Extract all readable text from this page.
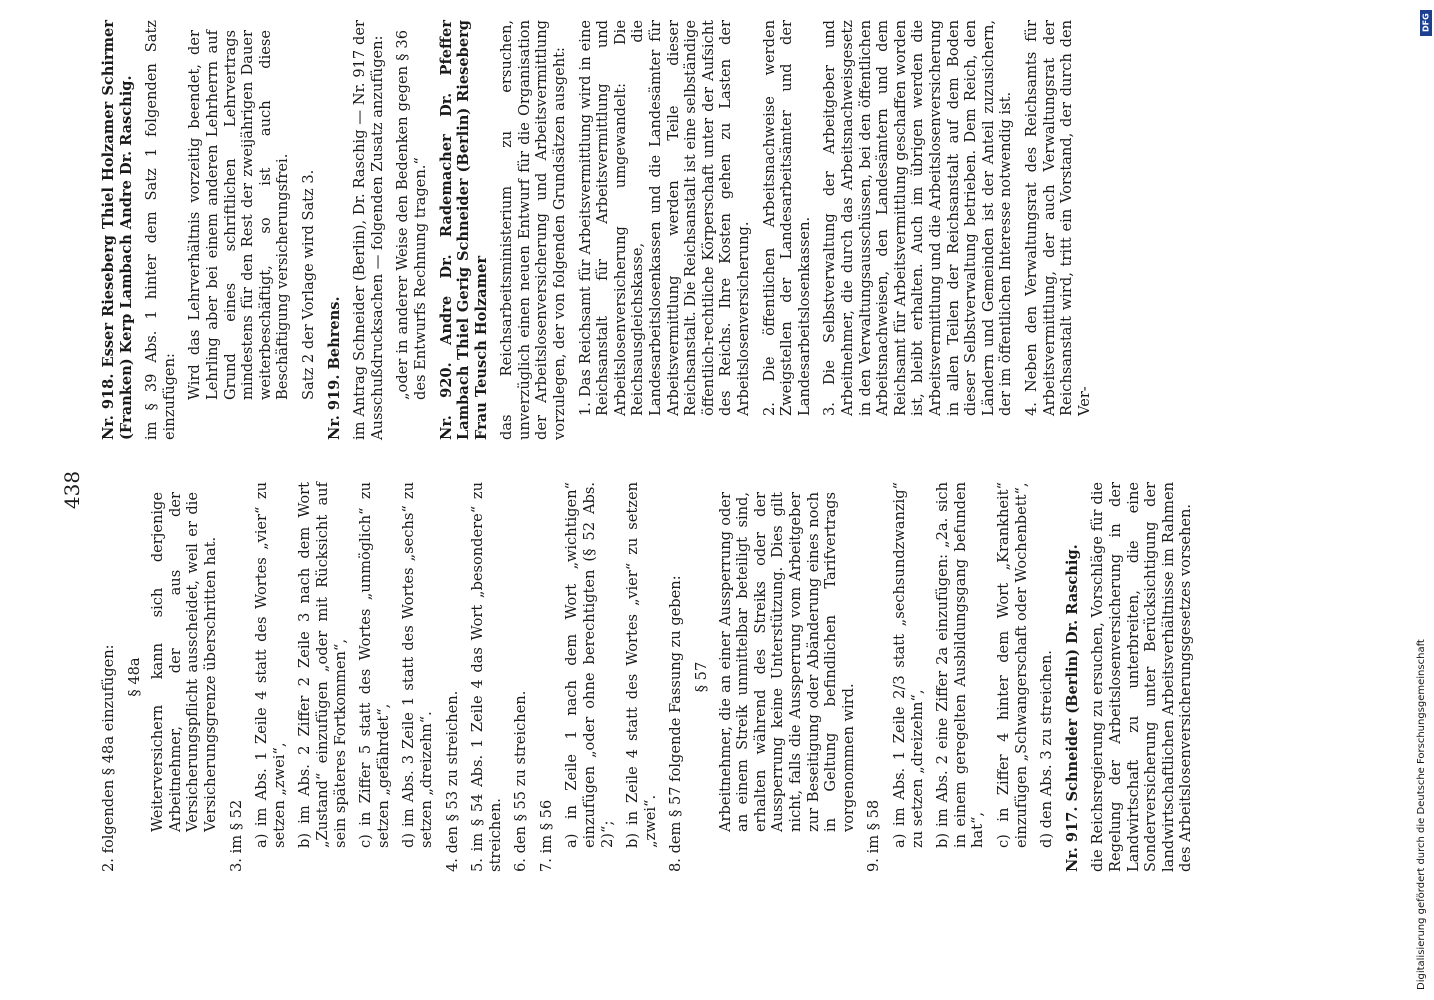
438
2. folgenden § 48a einzufügen: § 48a Weiterversichern kann sich derjenige Arbeitnehmer, der aus der Versicherungspflicht ausscheidet, weil er die Versicherungsgrenze überschritten hat.
3. im § 52 a) im Abs. 1 Zeile 4 statt des Wortes „vier“ zu setzen „zwei“, b) im Abs. 2 Ziffer 2 Zeile 3 nach dem Wort „Zustand“ einzufügen „oder mit Rücksicht auf sein späteres Fortkommen“, c) in Ziffer 5 statt des Wortes „unmöglich“ zu setzen „gefährdet“, d) im Abs. 3 Zeile 1 statt des Wortes „sechs“ zu setzen „dreizehn“. 4. den § 53 zu streichen. 5. im § 54 Abs. 1 Zeile 4 das Wort „besondere“ zu streichen. 6. den § 55 zu streichen. 7. im § 56 a) in Zeile 1 nach dem Wort „wichtigen“ einzufügen „oder ohne berechtigten (§ 52 Abs. 2)“; b) in Zeile 4 statt des Wortes „vier“ zu setzen „zwei“. 8. dem § 57 folgende Fassung zu geben: § 57 Arbeitnehmer, die an einer Aussperrung oder an einem Streik unmittelbar beteiligt sind, erhalten während des Streiks oder der Aussperrung keine Unterstützung. Dies gilt nicht, falls die Aussperrung vom Arbeitgeber zur Beseitigung oder Abänderung eines noch in Geltung befindlichen Tarifvertrags vorgenommen wird.
9. im § 58 a) im Abs. 1 Zeile 2/3 statt „sechsundzwanzig“ zu setzen „dreizehn“, b) im Abs. 2 eine Ziffer 2a einzufügen: „2a. sich in einem geregelten Ausbildungsgang befunden hat“, c) in Ziffer 4 hinter dem Wort „Krankheit“ einzufügen „Schwangerschaft oder Wochenbett“, d) den Abs. 3 zu streichen. Nr. 917. Schneider (Berlin) Dr. Raschig. die Reichsregierung zu ersuchen, Vorschläge für die Regelung der Arbeitslosenversicherung in der Landwirtschaft zu unterbreiten, die eine Sonderversicherung unter Berücksichtigung der landwirtschaftlichen Arbeitsverhältnisse im Rahmen des Arbeitslosenversicherungsgesetzes vorsehen.
Nr. 918. Esser Rieseberg Thiel Holzamer Schirmer (Franken) Kerp Lambach Andre Dr. Raschig. im § 39 Abs. 1 hinter dem Satz 1 folgenden Satz einzufügen: Wird das Lehrverhältnis vorzeitig beendet, der Lehrling aber bei einem anderen Lehrherrn auf Grund eines schriftlichen Lehrvertrags mindestens für den Rest der zweijährigen Dauer weiterbeschäftigt, so ist auch diese Beschäftigung versicherungsfrei. Satz 2 der Vorlage wird Satz 3. Nr. 919. Behrens. im Antrag Schneider (Berlin), Dr. Raschig — Nr. 917 der Ausschußdrucksachen — folgenden Zusatz anzufügen: „oder in anderer Weise den Bedenken gegen § 36 des Entwurfs Rechnung tragen.“ Nr. 920. Andre Dr. Rademacher Dr. Pfeffer Lambach Thiel Gerig Schneider (Berlin) Rieseberg Frau Teusch Holzamer das Reichsarbeitsministerium zu ersuchen, unverzüglich einen neuen Entwurf für die Organisation der Arbeitslosenversicherung und Arbeitsvermittlung vorzulegen, der von folgenden Grundsätzen ausgeht: 1. Das Reichsamt für Arbeitsvermittlung wird in eine Reichsanstalt für Arbeitsvermittlung und Arbeitslosenversicherung umgewandelt: Die Reichsausgleichskasse, die Landesarbeitslosenkassen und die Landesämter für Arbeitsvermittlung werden Teile dieser Reichsanstalt. Die Reichsanstalt ist eine selbständige öffentlich-rechtliche Körperschaft unter der Aufsicht des Reichs. Ihre Kosten gehen zu Lasten der Arbeitslosenversicherung. 2. Die öffentlichen Arbeitsnachweise werden Zweigstellen der Landesarbeitsämter und der Landesarbeitslosenkassen. 3. Die Selbstverwaltung der Arbeitgeber und Arbeitnehmer, die durch das Arbeitsnachweisgesetz in den Verwaltungsausschüssen, bei den öffentlichen Arbeitsnachweisen, den Landesämtern und dem Reichsamt für Arbeitsvermittlung geschaffen worden ist, bleibt erhalten. Auch im übrigen werden die Arbeitsvermittlung und die Arbeitslosenversicherung in allen Teilen der Reichsanstalt auf dem Boden dieser Selbstverwaltung betrieben. Dem Reich, den Ländern und Gemeinden ist der Anteil zuzusichern, der im öffentlichen Interesse notwendig ist. 4. Neben den Verwaltungsrat des Reichsamts für Arbeitsvermittlung, der auch Verwaltungsrat der Reichsanstalt wird, tritt ein Vorstand, der durch den Ver-
DFG
Digitalisierung gefördert durch die Deutsche Forschungsgemeinschaft
